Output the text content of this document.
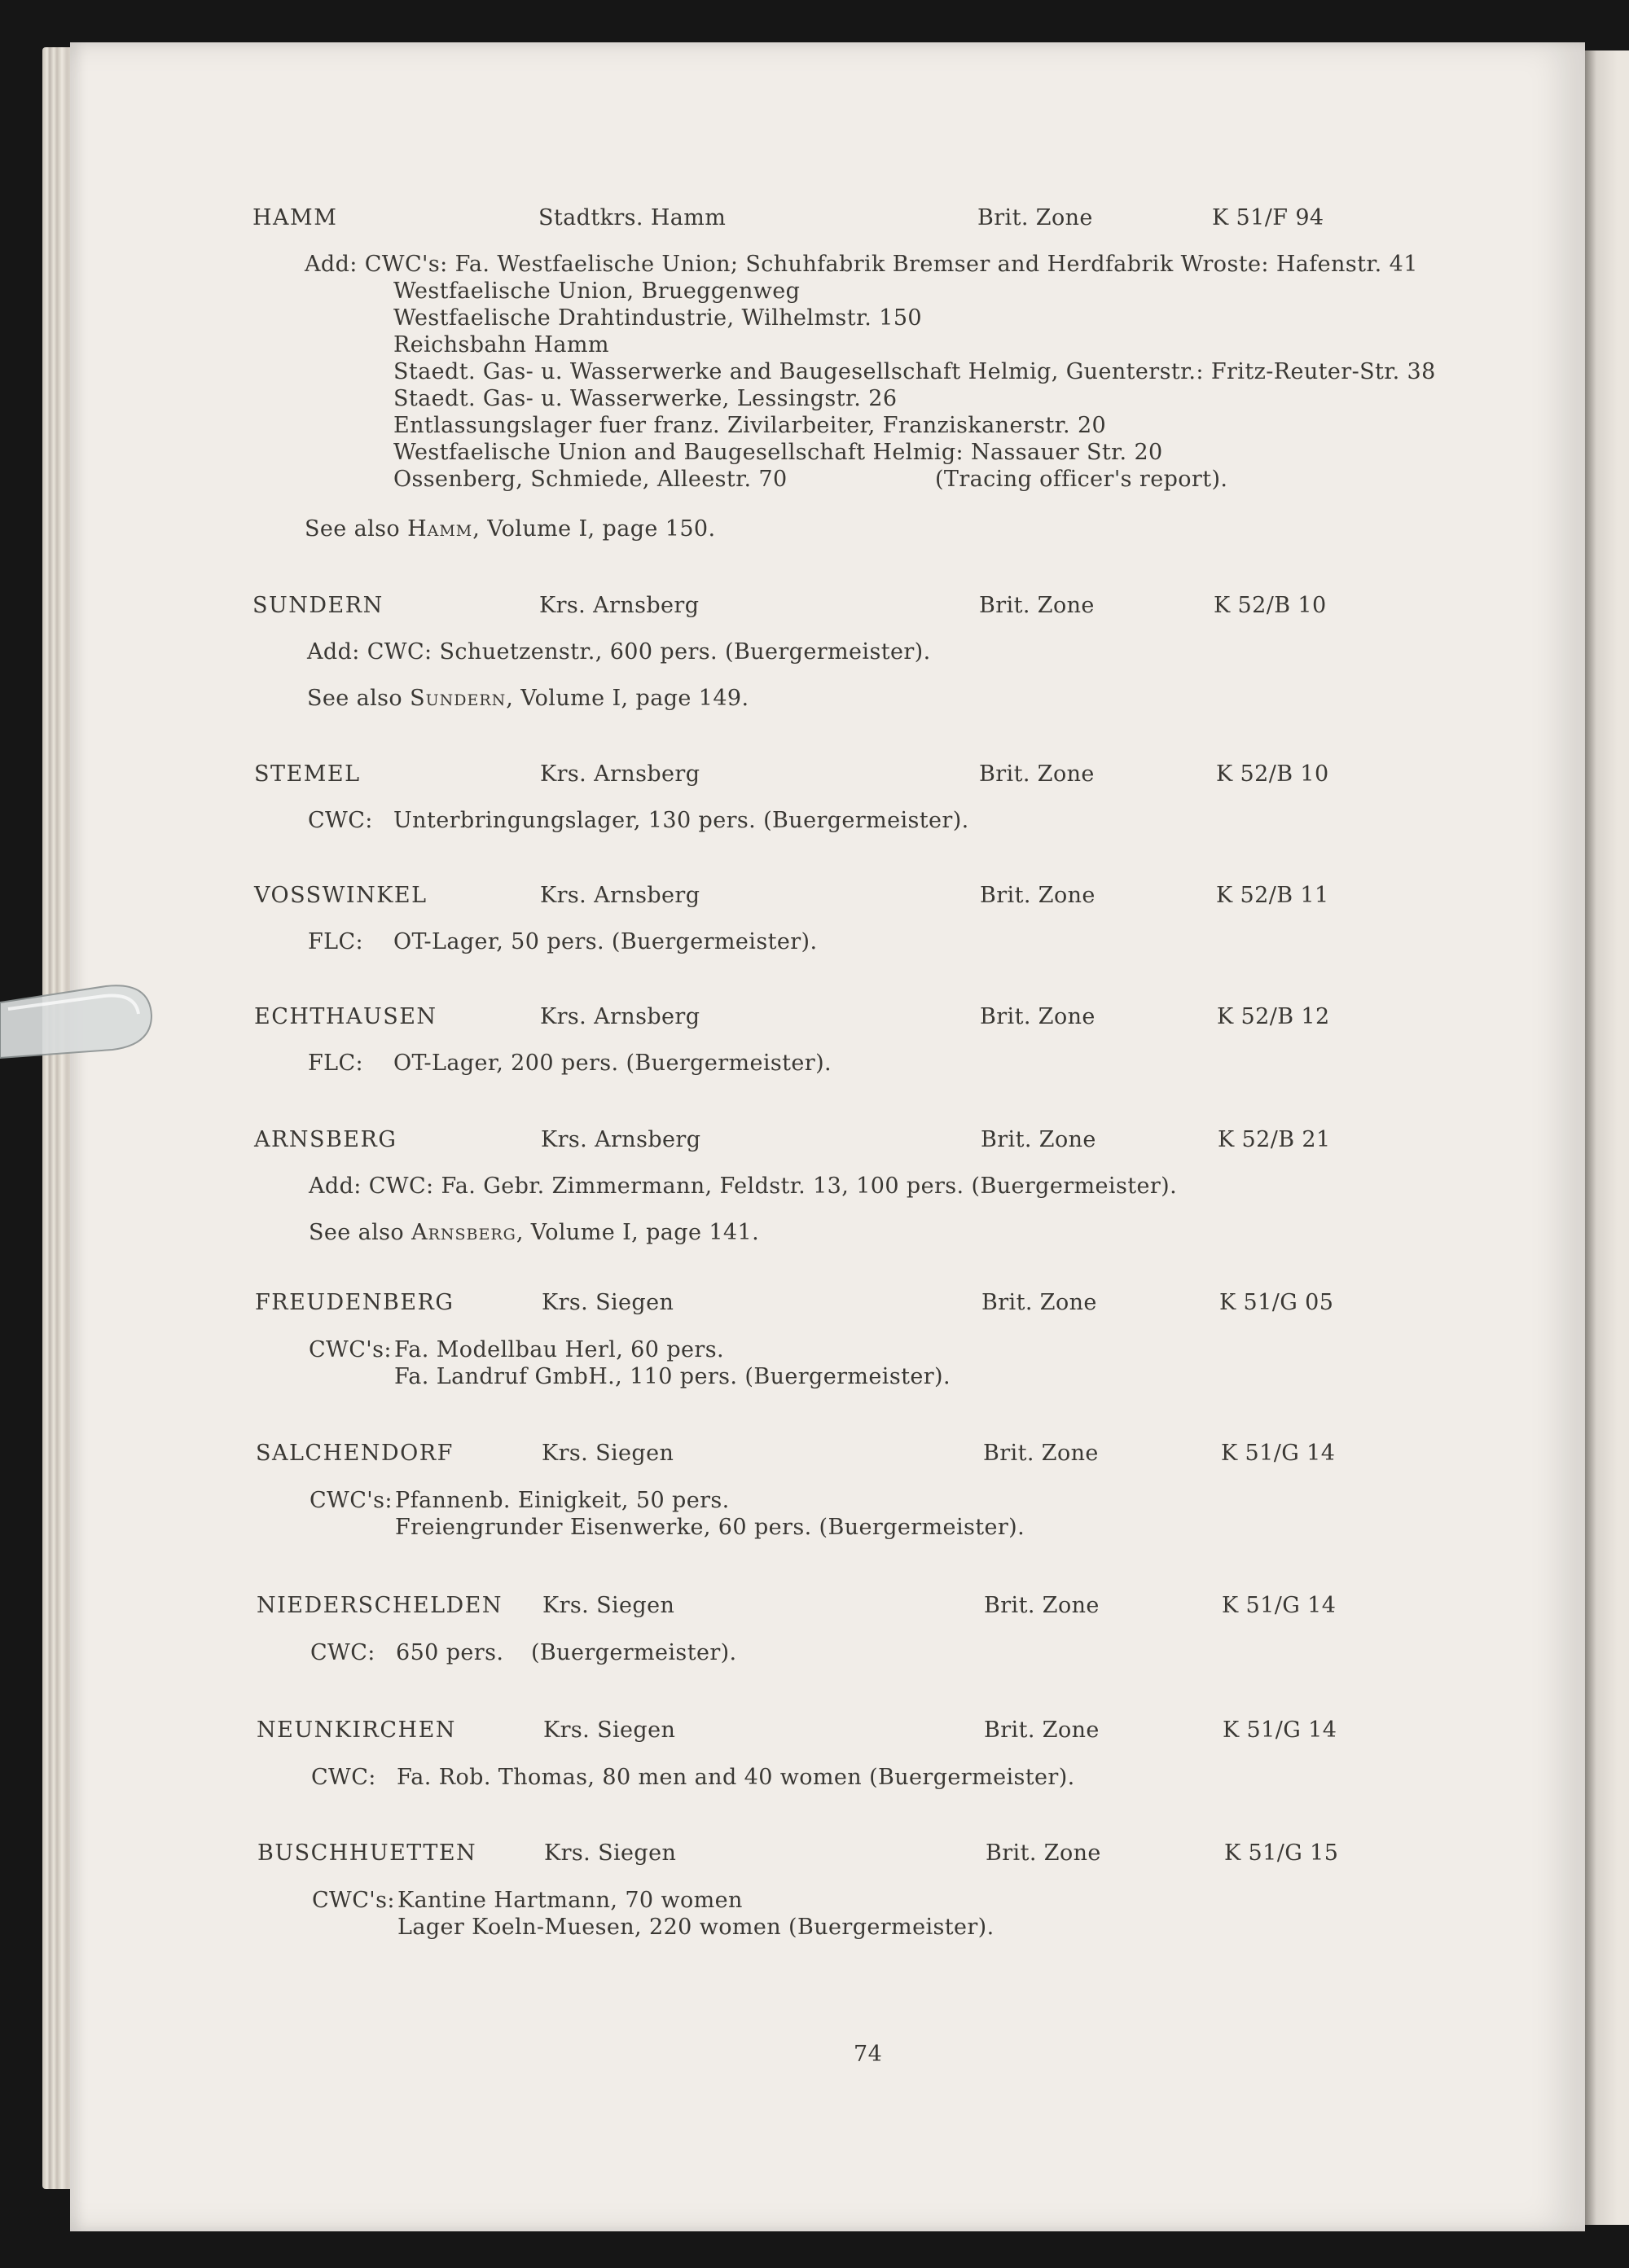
HAMM	Stadtkrs. Hamm	Brit. Zone	K 51/F 94
Add: CWC's: Fa. Westfaelische Union; Schuhfabrik Bremser and Herdfabrik Wroste: Hafenstr. 41
Westfaelische Union, Brueggenweg
Westfaelische Drahtindustrie, Wilhelmstr. 150
Reichsbahn Hamm
Staedt. Gas- u. Wasserwerke and Baugesellschaft Helmig, Guenterstr.: Fritz-Reuter-Str. 38
Staedt. Gas- u. Wasserwerke, Lessingstr. 26
Entlassungslager fuer franz. Zivilarbeiter, Franziskanerstr. 20
Westfaelische Union and Baugesellschaft Helmig: Nassauer Str. 20
Ossenberg, Schmiede, Alleestr. 70	(Tracing officer's report).
See also Hamm, Volume I, page 150.
SUNDERN	Krs. Arnsberg	Brit. Zone	K 52/B 10
Add: CWC: Schuetzenstr., 600 pers. (Buergermeister).
See also Sundern, Volume I, page 149.
STEMEL	Krs. Arnsberg	Brit. Zone	K 52/B 10
CWC: Unterbringungslager, 130 pers. (Buergermeister).
VOSSWINKEL	Krs. Arnsberg	Brit. Zone	K 52/B 11
FLC: OT-Lager, 50 pers. (Buergermeister).
ECHTHAUSEN	Krs. Arnsberg	Brit. Zone	K 52/B 12
FLC: OT-Lager, 200 pers. (Buergermeister).
ARNSBERG	Krs. Arnsberg	Brit. Zone	K 52/B 21
Add: CWC: Fa. Gebr. Zimmermann, Feldstr. 13, 100 pers. (Buergermeister).
See also Arnsberg, Volume I, page 141.
FREUDENBERG	Krs. Siegen	Brit. Zone	K 51/G 05
CWC's: Fa. Modellbau Herl, 60 pers.
Fa. Landruf GmbH., 110 pers. (Buergermeister).
SALCHENDORF	Krs. Siegen	Brit. Zone	K 51/G 14
CWC's: Pfannenb. Einigkeit, 50 pers.
Freiengrunder Eisenwerke, 60 pers. (Buergermeister).
NIEDERSCHELDEN Krs. Siegen	Brit. Zone	K 51/G 14
CWC: 650 pers. (Buergermeister).
NEUNKIRCHEN	Krs. Siegen	Brit. Zone	K 51/G 14
CWC: Fa. Rob. Thomas, 80 men and 40 women (Buergermeister).
BUSCHHUETTEN	Krs. Siegen	Brit. Zone	K 51/G 15
CWC's: Kantine Hartmann, 70 women
Lager Koeln-Muesen, 220 women (Buergermeister).
74
